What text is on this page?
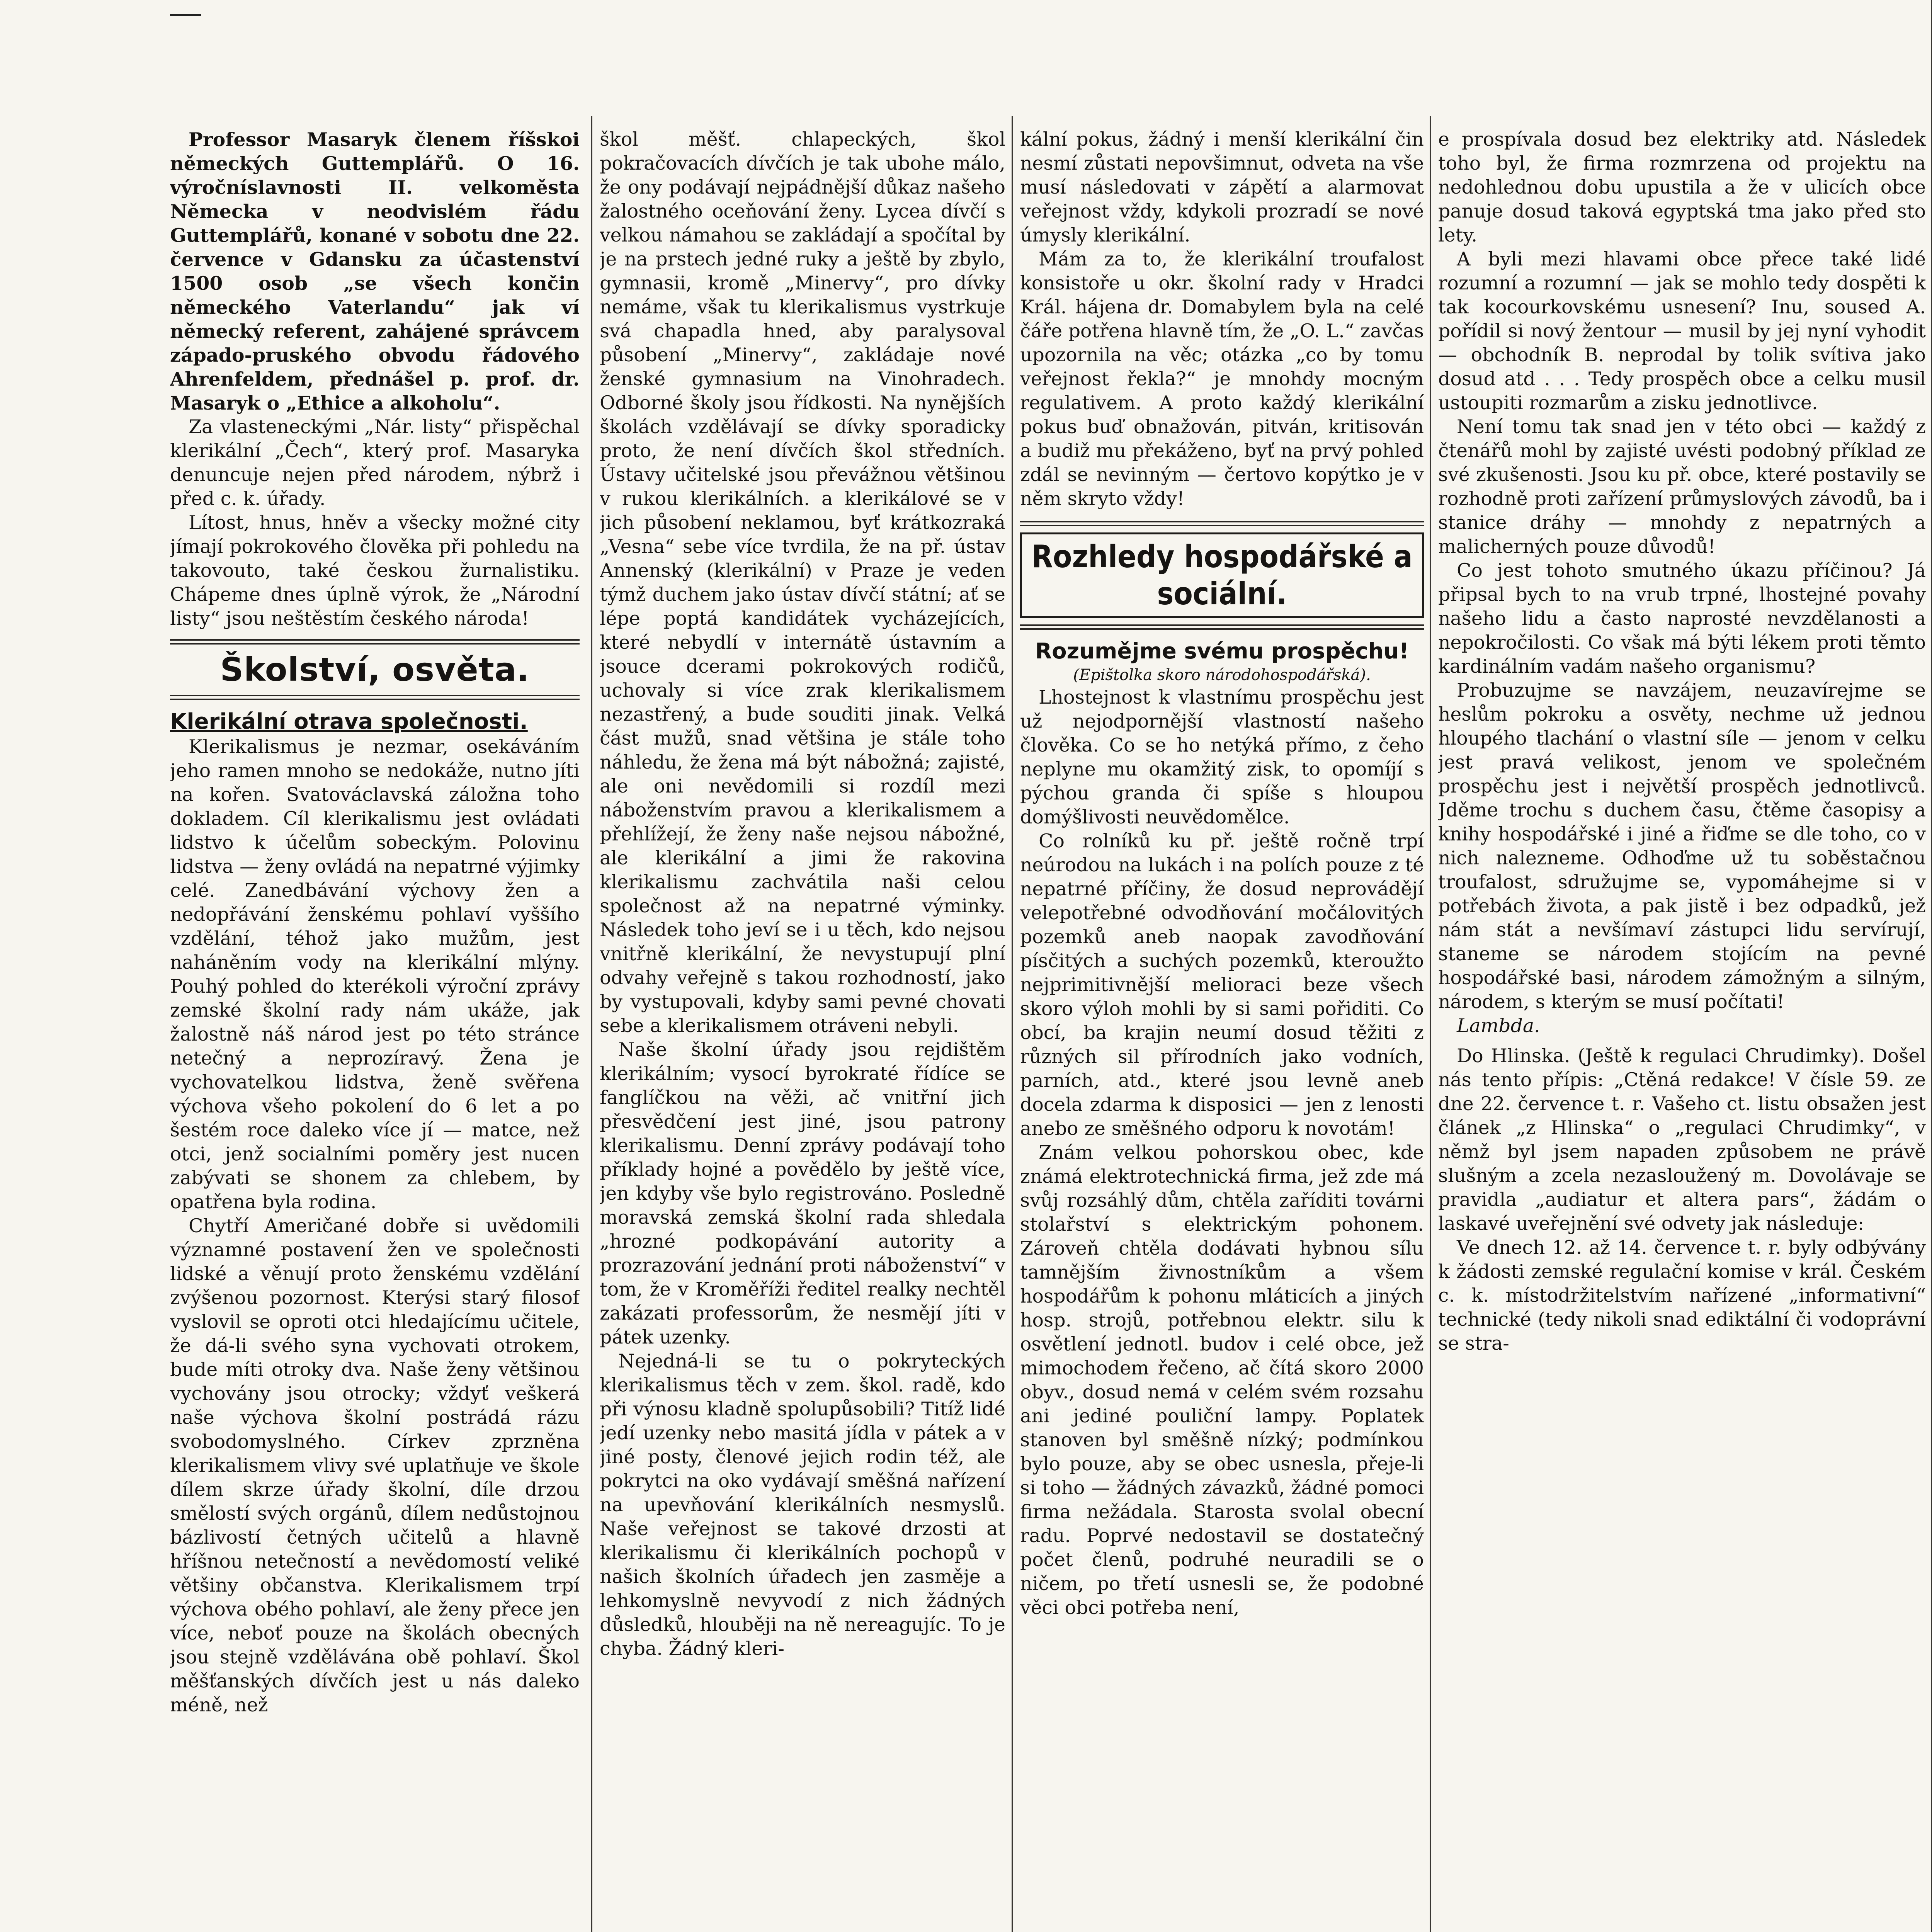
Professor Masaryk členem říšskoi německých Guttemplářů. O 16. výročníslavnosti II. velkoměsta Německa v neodvislém řádu Guttemplářů, konané v sobotu dne 22. července v Gdansku za účastenství 1500 osob „se všech končin německého Vaterlandu“ jak ví německý referent, zahájené správcem západo-pruského obvodu řádového Ahrenfeldem, přednášel p. prof. dr. Masaryk o „Ethice a alkoholu“.

Za vlasteneckými „Nár. listy“ přispěchal klerikální „Čech“, který prof. Masaryka denuncuje nejen před národem, nýbrž i před c. k. úřady.

Lítost, hnus, hněv a všecky možné city jímají pokrokového člověka při pohledu na takovouto, také českou žurnalistiku. Chápeme dnes úplně výrok, že „Národní listy“ jsou neštěstím českého národa!

Školství, osvěta.
Klerikální otrava společnosti.

Klerikalismus je nezmar, osekáváním jeho ramen mnoho se nedokáže, nutno jíti na kořen. Svatováclavská záložna toho dokladem. Cíl klerikalismu jest ovládati lidstvo k účelům sobeckým. Polovinu lidstva — ženy ovládá na nepatrné výjimky celé. Zanedbávání výchovy žen a nedopřávání ženskému pohlaví vyššího vzdělání, téhož jako mužům, jest naháněním vody na klerikální mlýny. Pouhý pohled do kterékoli výroční zprávy zemské školní rady nám ukáže, jak žalostně náš národ jest po této stránce netečný a neprozíravý. Žena je vychovatelkou lidstva, ženě svěřena výchova všeho pokolení do 6 let a po šestém roce daleko více jí — matce, než otci, jenž socialními poměry jest nucen zabývati se shonem za chlebem, by opatřena byla rodina.

Chytří Američané dobře si uvědomili významné postavení žen ve společnosti lidské a věnují proto ženskému vzdělání zvýšenou pozornost. Kterýsi starý filosof vyslovil se oproti otci hledajícímu učitele, že dá-li svého syna vychovati otrokem, bude míti otroky dva. Naše ženy většinou vychovány jsou otrocky; vždyť veškerá naše výchova školní postrádá rázu svobodomyslného. Církev zprzněna klerikalismem vlivy své uplatňuje ve škole dílem skrze úřady školní, díle drzou smělostí svých orgánů, dílem nedůstojnou bázlivostí četných učitelů a hlavně hříšnou netečností a nevědomostí veliké většiny občanstva. Klerikalismem trpí výchova obého pohlaví, ale ženy přece jen více, neboť pouze na školách obecných jsou stejně vzdělávána obě pohlaví. Škol měšťanských dívčích jest u nás daleko méně, než

škol měšť. chlapeckých, škol pokračovacích dívčích je tak ubohe málo, že ony podávají nejpádnější důkaz našeho žalostného oceňování ženy. Lycea dívčí s velkou námahou se zakládají a spočítal by je na prstech jedné ruky a ještě by zbylo, gymnasii, kromě „Minervy“, pro dívky nemáme, však tu klerikalismus vystrkuje svá chapadla hned, aby paralysoval působení „Minervy“, zakládaje nové ženské gymnasium na Vinohradech. Odborné školy jsou řídkosti. Na nynějších školách vzdělávají se dívky sporadicky proto, že není dívčích škol středních. Ústavy učitelské jsou převážnou většinou v rukou klerikálních. a klerikálové se v jich působení neklamou, byť krátkozraká „Vesna“ sebe více tvrdila, že na př. ústav Annenský (klerikální) v Praze je veden týmž duchem jako ústav dívčí státní; ať se lépe poptá kandidátek vycházejících, které nebydlí v internátě ústavním a jsouce dcerami pokrokových rodičů, uchovaly si více zrak klerikalismem nezastřený, a bude souditi jinak. Velká část mužů, snad většina je stále toho náhledu, že žena má být nábožná; zajisté, ale oni nevědomili si rozdíl mezi náboženstvím pravou a klerikalismem a přehlížejí, že ženy naše nejsou nábožné, ale klerikální a jimi že rakovina klerikalismu zachvátila naši celou společnost až na nepatrné výminky. Následek toho jeví se i u těch, kdo nejsou vnitřně klerikální, že nevystupují plní odvahy veřejně s takou rozhodností, jako by vystupovali, kdyby sami pevné chovati sebe a klerikalismem otráveni nebyli.

Naše školní úřady jsou rejdištěm klerikálním; vysocí byrokraté řídíce se fanglíčkou na věži, ač vnitřní jich přesvědčení jest jiné, jsou patrony klerikalismu. Denní zprávy podávají toho příklady hojné a povědělo by ještě více, jen kdyby vše bylo registrováno. Posledně moravská zemská školní rada shledala „hrozné podkopávání autority a prozrazování jednání proti náboženství“ v tom, že v Kroměříži ředitel realky nechtěl zakázati professorům, že nesmějí jíti v pátek uzenky.

Nejedná-li se tu o pokryteckých klerikalismus těch v zem. škol. radě, kdo při výnosu kladně spolupůsobili? Titíž lidé jedí uzenky nebo masitá jídla v pátek a v jiné posty, členové jejich rodin též, ale pokrytci na oko vydávají směšná nařízení na upevňování klerikálních nesmyslů. Naše veřejnost se takové drzosti at klerikalismu či klerikálních pochopů v našich školních úřadech jen zasměje a lehkomyslně nevyvodí z nich žádných důsledků, hlouběji na ně nereagujíc. To je chyba. Žádný kleri-

kální pokus, žádný i menší klerikální čin nesmí zůstati nepovšimnut, odveta na vše musí následovati v zápětí a alarmovat veřejnost vždy, kdykoli prozradí se nové úmysly klerikální.

Mám za to, že klerikální troufalost konsistoře u okr. školní rady v Hradci Král. hájena dr. Domabylem byla na celé čáře potřena hlavně tím, že „O. L.“ zavčas upozornila na věc; otázka „co by tomu veřejnost řekla?“ je mnohdy mocným regulativem. A proto každý klerikální pokus buď obnažován, pitván, kritisován a budiž mu překáženo, byť na prvý pohled zdál se nevinným — čertovo kopýtko je v něm skryto vždy!

Rozhledy hospodářské a sociální.
Rozumějme svému prospěchu!
(Epištolka skoro národohospodářská).

Lhostejnost k vlastnímu prospěchu jest už nejodpornější vlastností našeho člověka. Co se ho netýká přímo, z čeho neplyne mu okamžitý zisk, to opomíjí s pýchou granda či spíše s hloupou domýšlivosti neuvědomělce.

Co rolníků ku př. ještě ročně trpí neúrodou na lukách i na polích pouze z té nepatrné příčiny, že dosud neprovádějí velepotřebné odvodňování močálovitých pozemků aneb naopak zavodňování písčitých a suchých pozemků, kteroužto nejprimitivnější melioraci beze všech skoro výloh mohli by si sami pořiditi. Co obcí, ba krajin neumí dosud těžiti z různých sil přírodních jako vodních, parních, atd., které jsou levně aneb docela zdarma k disposici — jen z lenosti anebo ze směšného odporu k novotám!

Znám velkou pohorskou obec, kde známá elektrotechnická firma, jež zde má svůj rozsáhlý dům, chtěla zaříditi továrni stolařství s elektrickým pohonem. Zároveň chtěla dodávati hybnou sílu tamnějším živnostníkům a všem hospodářům k pohonu mláticích a jiných hosp. strojů, potřebnou elektr. silu k osvětlení jednotl. budov i celé obce, jež mimochodem řečeno, ač čítá skoro 2000 obyv., dosud nemá v celém svém rozsahu ani jediné pouliční lampy. Poplatek stanoven byl směšně nízký; podmínkou bylo pouze, aby se obec usnesla, přeje-li si toho — žádných závazků, žádné pomoci firma nežádala. Starosta svolal obecní radu. Poprvé nedostavil se dostatečný počet členů, podruhé neuradili se o ničem, po třetí usnesli se, že podobné věci obci potřeba není,

e prospívala dosud bez elektriky atd. Následek toho byl, že firma rozmrzena od projektu na nedohlednou dobu upustila a že v ulicích obce panuje dosud taková egyptská tma jako před sto lety.

A byli mezi hlavami obce přece také lidé rozumní a rozumní — jak se mohlo tedy dospěti k tak kocourkovskému usnesení? Inu, soused A. pořídil si nový žentour — musil by jej nyní vyhodit — obchodník B. neprodal by tolik svítiva jako dosud atd . . . Tedy prospěch obce a celku musil ustoupiti rozmarům a zisku jednotlivce.

Není tomu tak snad jen v této obci — každý z čtenářů mohl by zajisté uvésti podobný příklad ze své zkušenosti. Jsou ku př. obce, které postavily se rozhodně proti zařízení průmyslových závodů, ba i stanice dráhy — mnohdy z nepatrných a malicherných pouze důvodů!

Co jest tohoto smutného úkazu příčinou? Já připsal bych to na vrub trpné, lhostejné povahy našeho lidu a často naprosté nevzdělanosti a nepokročilosti. Co však má býti lékem proti těmto kardinálním vadám našeho organismu?

Probuzujme se navzájem, neuzavírejme se heslům pokroku a osvěty, nechme už jednou hloupého tlachání o vlastní síle — jenom v celku jest pravá velikost, jenom ve společném prospěchu jest i největší prospěch jednotlivců. Jděme trochu s duchem času, čtěme časopisy a knihy hospodářské i jiné a řiďme se dle toho, co v nich nalezneme. Odhoďme už tu soběstačnou troufalost, sdružujme se, vypomáhejme si v potřebách života, a pak jistě i bez odpadků, jež nám stát a nevšímaví zástupci lidu servírují, staneme se národem stojícím na pevné hospodářské basi, národem zámožným a silným, národem, s kterým se musí počítati!

Lambda.

Do Hlinska. (Ještě k regulaci Chrudimky). Došel nás tento přípis: „Ctěná redakce! V čísle 59. ze dne 22. července t. r. Vašeho ct. listu obsažen jest článek „z Hlinska“ o „regulaci Chrudimky“, v němž byl jsem napaden způsobem ne právě slušným a zcela nezasloužený m. Dovolávaje se pravidla „audiatur et altera pars“, žádám o laskavé uveřejnění své odvety jak následuje:

Ve dnech 12. až 14. července t. r. byly odbývány k žádosti zemské regulační komise v král. Českém c. k. místodržitelstvím nařízené „informativní“ technické (tedy nikoli snad ediktální či vodoprávní se stra-
